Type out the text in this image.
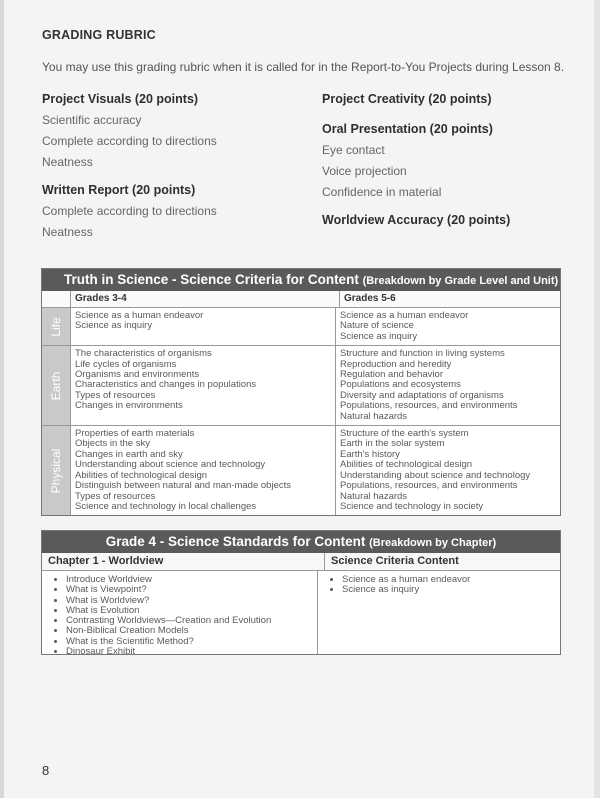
GRADING RUBRIC
You may use this grading rubric when it is called for in the Report-to-You Projects during Lesson 8.
Project Visuals (20 points)
Scientific accuracy
Complete according to directions
Neatness
Written Report (20 points)
Complete according to directions
Neatness
Project Creativity (20 points)
Oral Presentation (20 points)
Eye contact
Voice projection
Confidence in material
Worldview Accuracy (20 points)
Truth in Science - Science Criteria for Content (Breakdown by Grade Level and Unit)
Grades 3-4	Grades 5-6
Life
Science as a human endeavor
Science as inquiry
Science as a human endeavor
Nature of science
Science as inquiry
Earth
The characteristics of organisms
Life cycles of organisms
Organisms and environments
Characteristics and changes in populations
Types of resources
Changes in environments
Structure and function in living systems
Reproduction and heredity
Regulation and behavior
Populations and ecosystems
Diversity and adaptations of organisms
Populations, resources, and environments
Natural hazards
Physical
Properties of earth materials
Objects in the sky
Changes in earth and sky
Understanding about science and technology
Abilities of technological design
Distinguish between natural and man-made objects
Types of resources
Science and technology in local challenges
Structure of the earth's system
Earth in the solar system
Earth's history
Abilities of technological design
Understanding about science and technology
Populations, resources, and environments
Natural hazards
Science and technology in society
Grade 4 - Science Standards for Content (Breakdown by Chapter)
Chapter 1 - Worldview	Science Criteria Content
• Introduce Worldview
• What is Viewpoint?
• What is Worldview?
• What is Evolution
• Contrasting Worldviews—Creation and Evolution
• Non-Biblical Creation Models
• What is the Scientific Method?
• Dinosaur Exhibit
• Science as a human endeavor
• Science as inquiry
8
